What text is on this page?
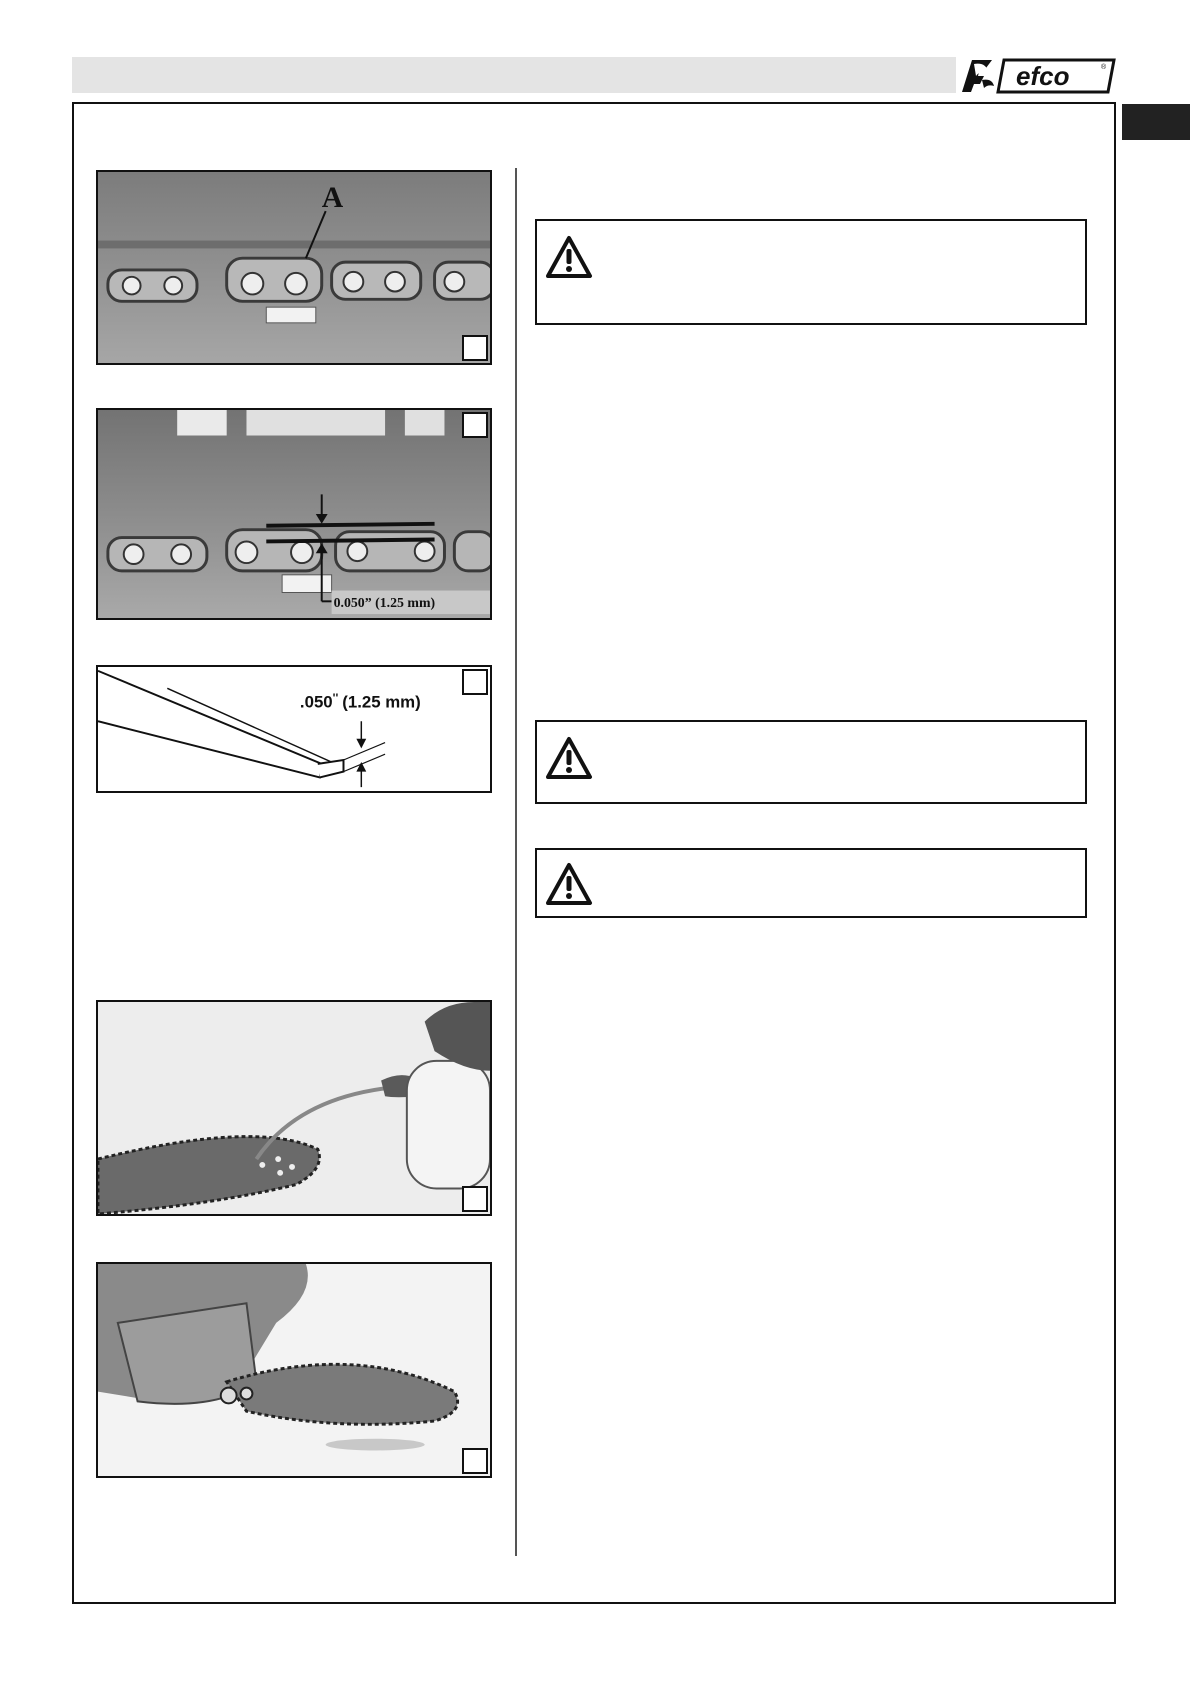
efco	®
A
0.050” (1.25 mm)
.050'' (1.25 mm)
